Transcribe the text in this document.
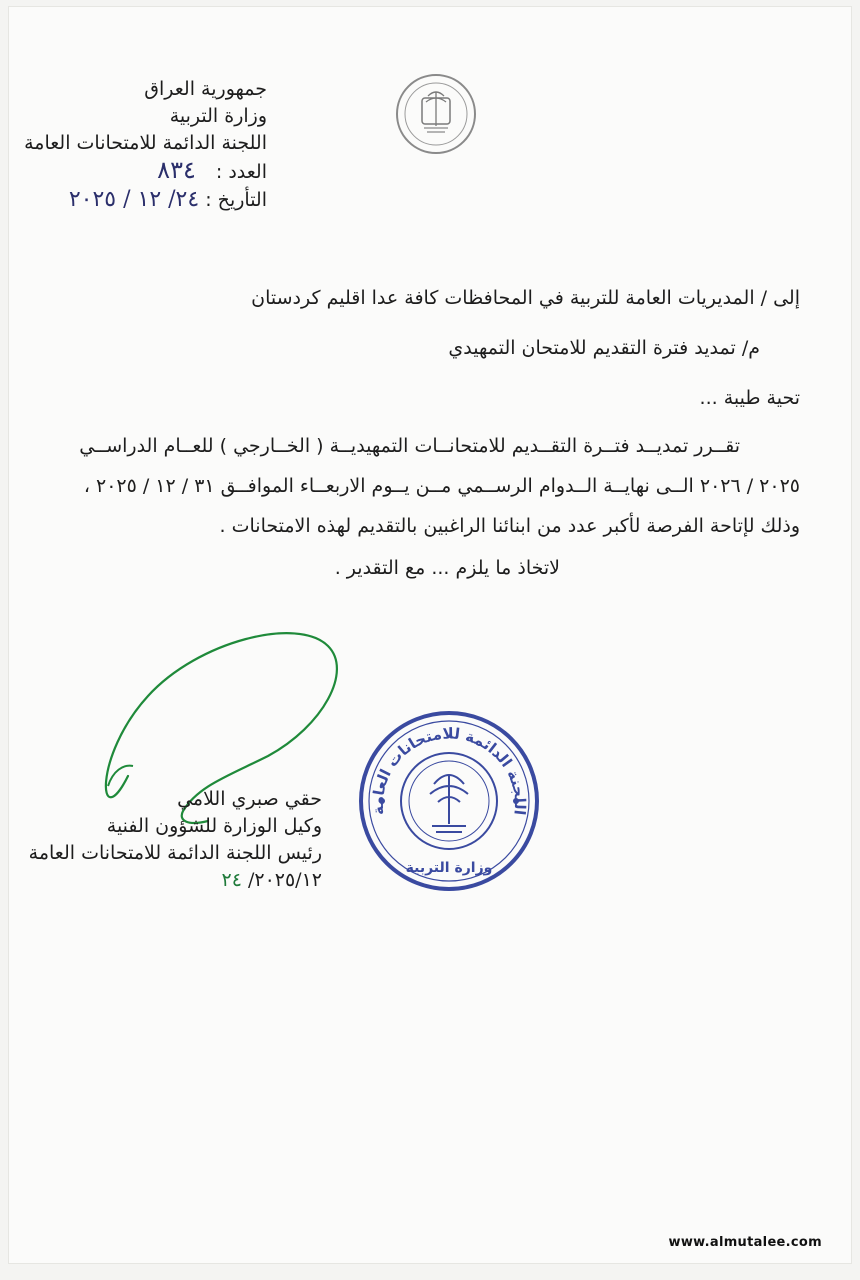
جمهورية العراق
وزارة التربية
اللجنة الدائمة للامتحانات العامة
العدد : ٨٣٤
التأريخ : ٢٤/ ١٢ / ٢٠٢٥

إلى / المديريات العامة للتربية في المحافظات كافة عدا اقليم كردستان

م/ تمديد فترة التقديم للامتحان التمهيدي

تحية طيبة ...

تقــرر تمديــد فتــرة التقــديم للامتحانــات التمهيديــة ( الخــارجي ) للعــام الدراســي

٢٠٢٥ / ٢٠٢٦ الــى نهايــة الــدوام الرســمي مــن يــوم الاربعــاء الموافــق ٣١ / ١٢ / ٢٠٢٥ ،

وذلك لإتاحة الفرصة لأكبر عدد من ابنائنا الراغبين بالتقديم لهذه الامتحانات .

لاتخاذ ما يلزم ... مع التقدير .

اللجنة الدائمة للامتحانات العامة
وزارة التربية
حقي صبري اللامي
وكيل الوزارة للشؤون الفنية
رئيس اللجنة الدائمة للامتحانات العامة
٢٠٢٥/١٢/ ٢٤
www.almutalee.com
